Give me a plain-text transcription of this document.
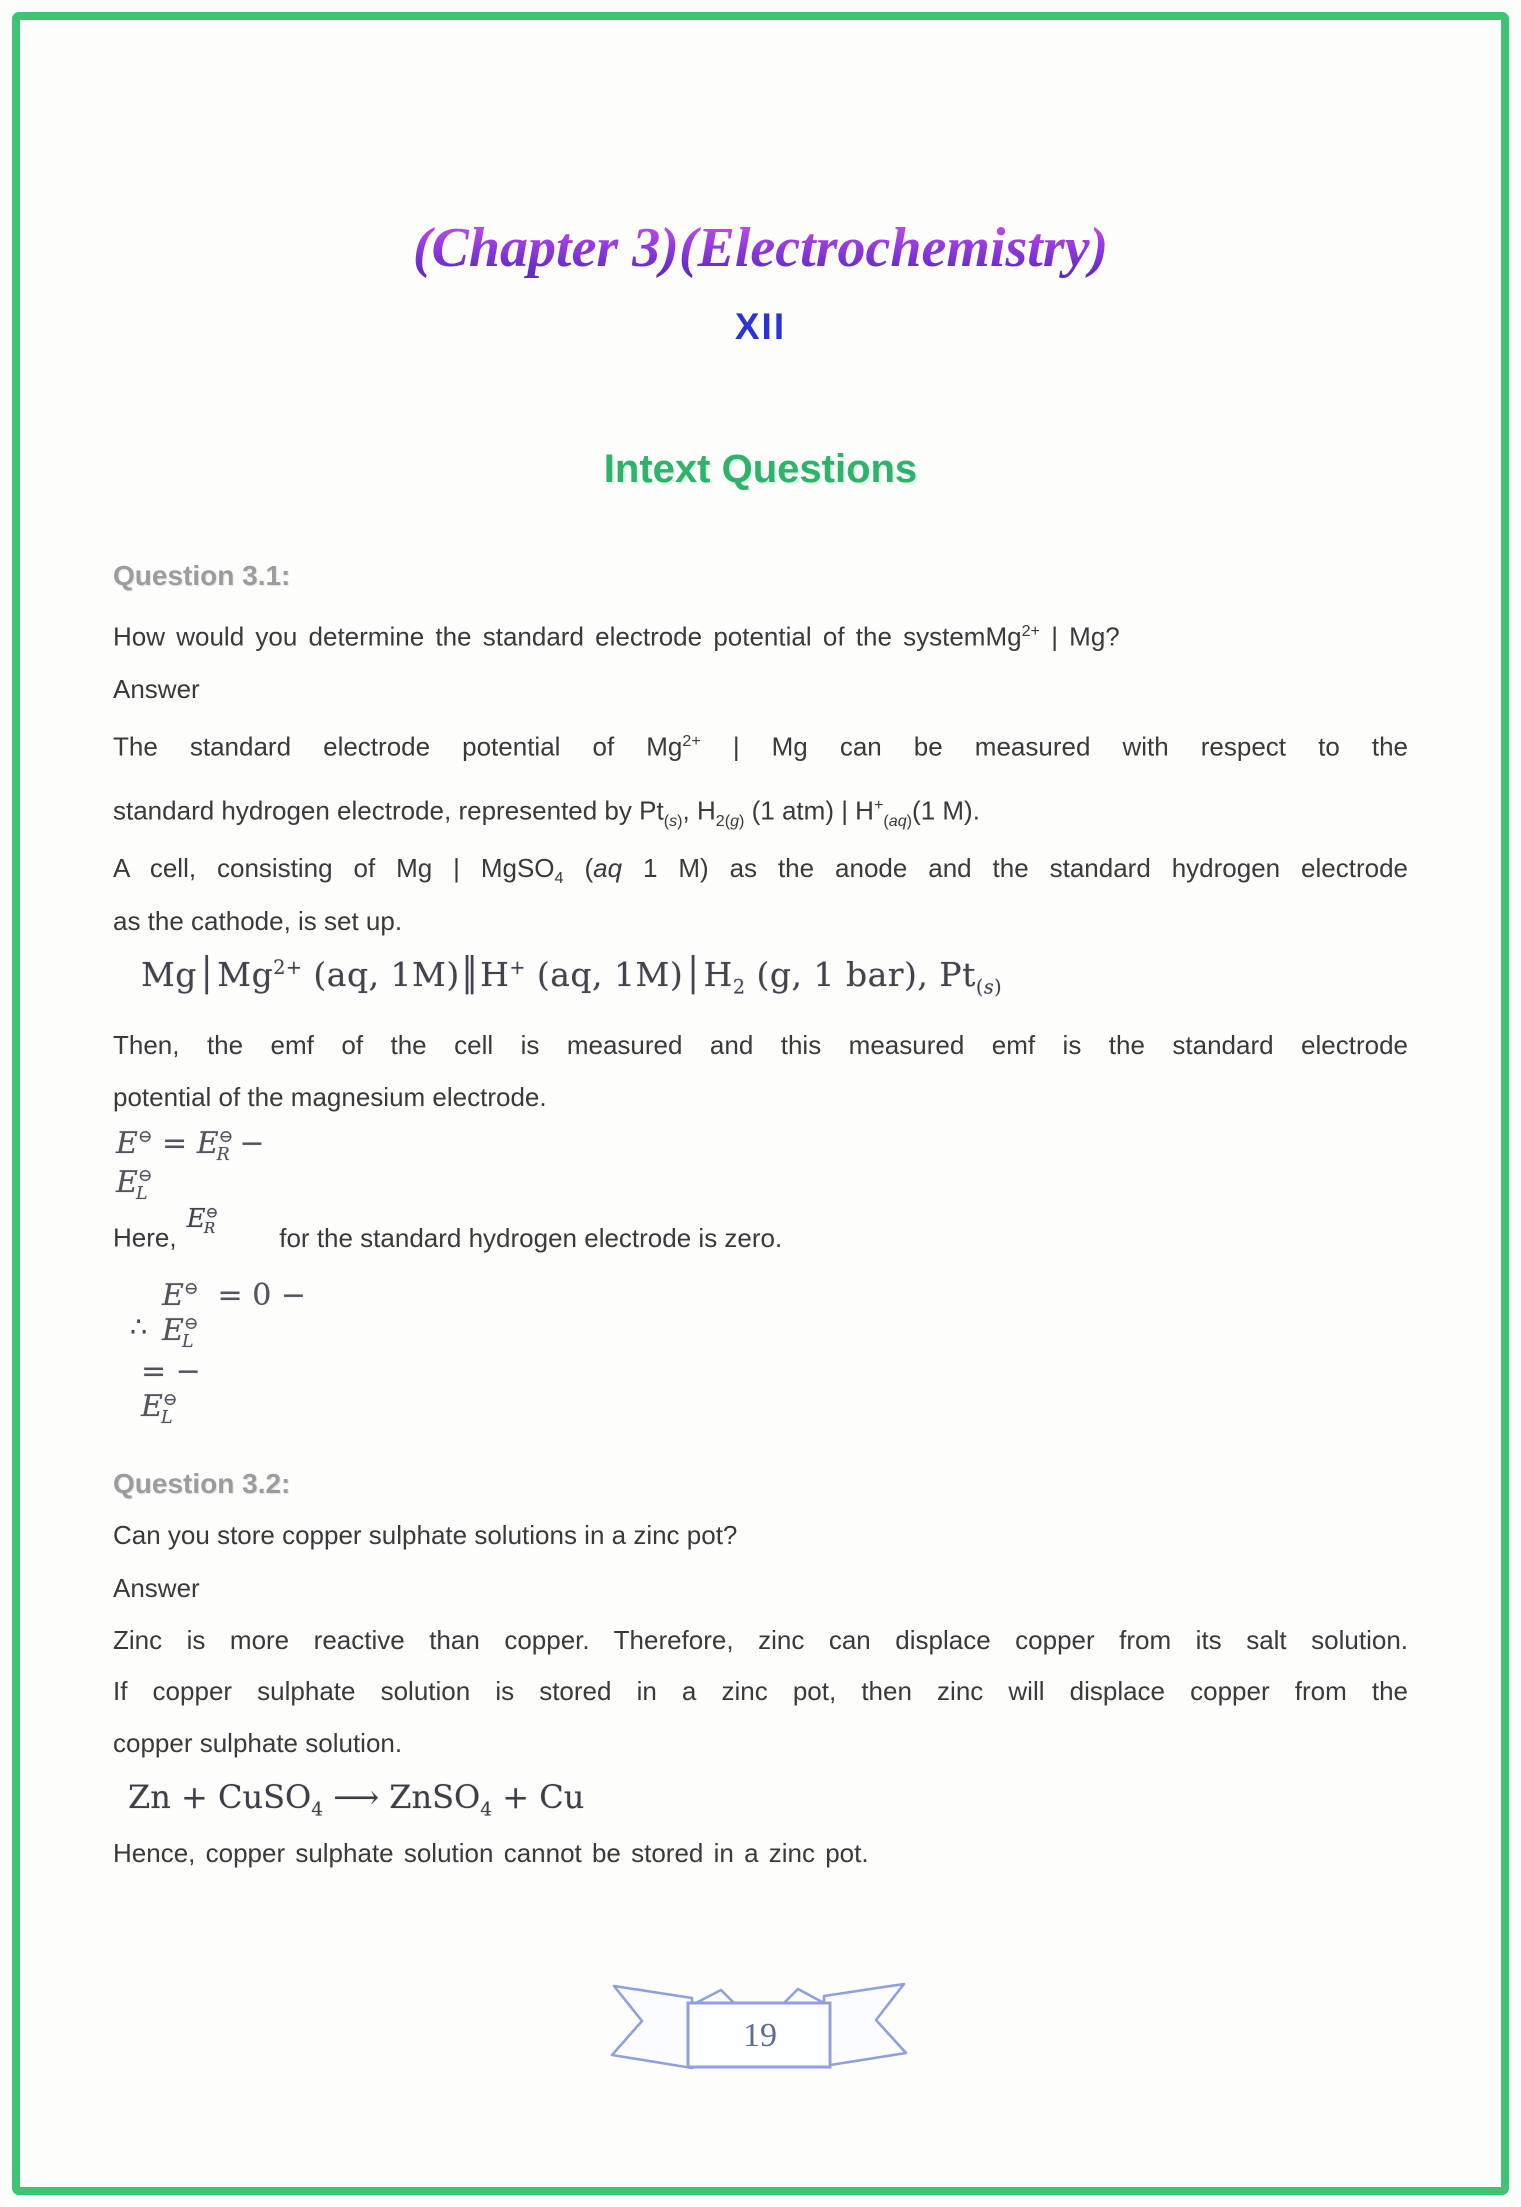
(Chapter 3)(Electrochemistry)
XII
Intext Questions
Question 3.1:
How would you determine the standard electrode potential of the systemMg$^{2+}$ | Mg?
Answer
The standard electrode potential of $Mg^{2+}$ | Mg can be measured with respect to the
standard hydrogen electrode, represented by $Pt_{(s)}$, $H_{2(g)}$ (1 atm) | $H^+_{(aq)}(1$ M).
A cell, consisting of Mg | MgSO$_4$ (aq 1 M) as the anode and the standard hydrogen electrode
as the cathode, is set up.
$Mg│Mg^{2+}$ (aq, 1M)║H+ (aq, $1M)│H_2$ (g, 1 bar), $Pt_{(s)}$
Then, the emf of the cell is measured and this measured emf is the standard electrode
potential of the magnesium electrode.
$E^⊖ = E^⊖_R - E^⊖_L$
$Here,E^⊖_R$ for the standard hydrogen electrode is zero.
∴
$E^⊖ = 0 - E^⊖_L$
= − $E^⊖_L$
Question 3.2:
Can you store copper sulphate solutions in a zinc pot?
Answer
Zinc is more reactive than copper. Therefore, zinc can displace copper from its salt solution.
If copper sulphate solution is stored in a zinc pot, then zinc will displace copper from the
copper sulphate solution.
Zn + CuSO$_4$ ⟶ ZnSO$_4$ + Cu
Hence, copper sulphate solution cannot be stored in a zinc pot.
19
